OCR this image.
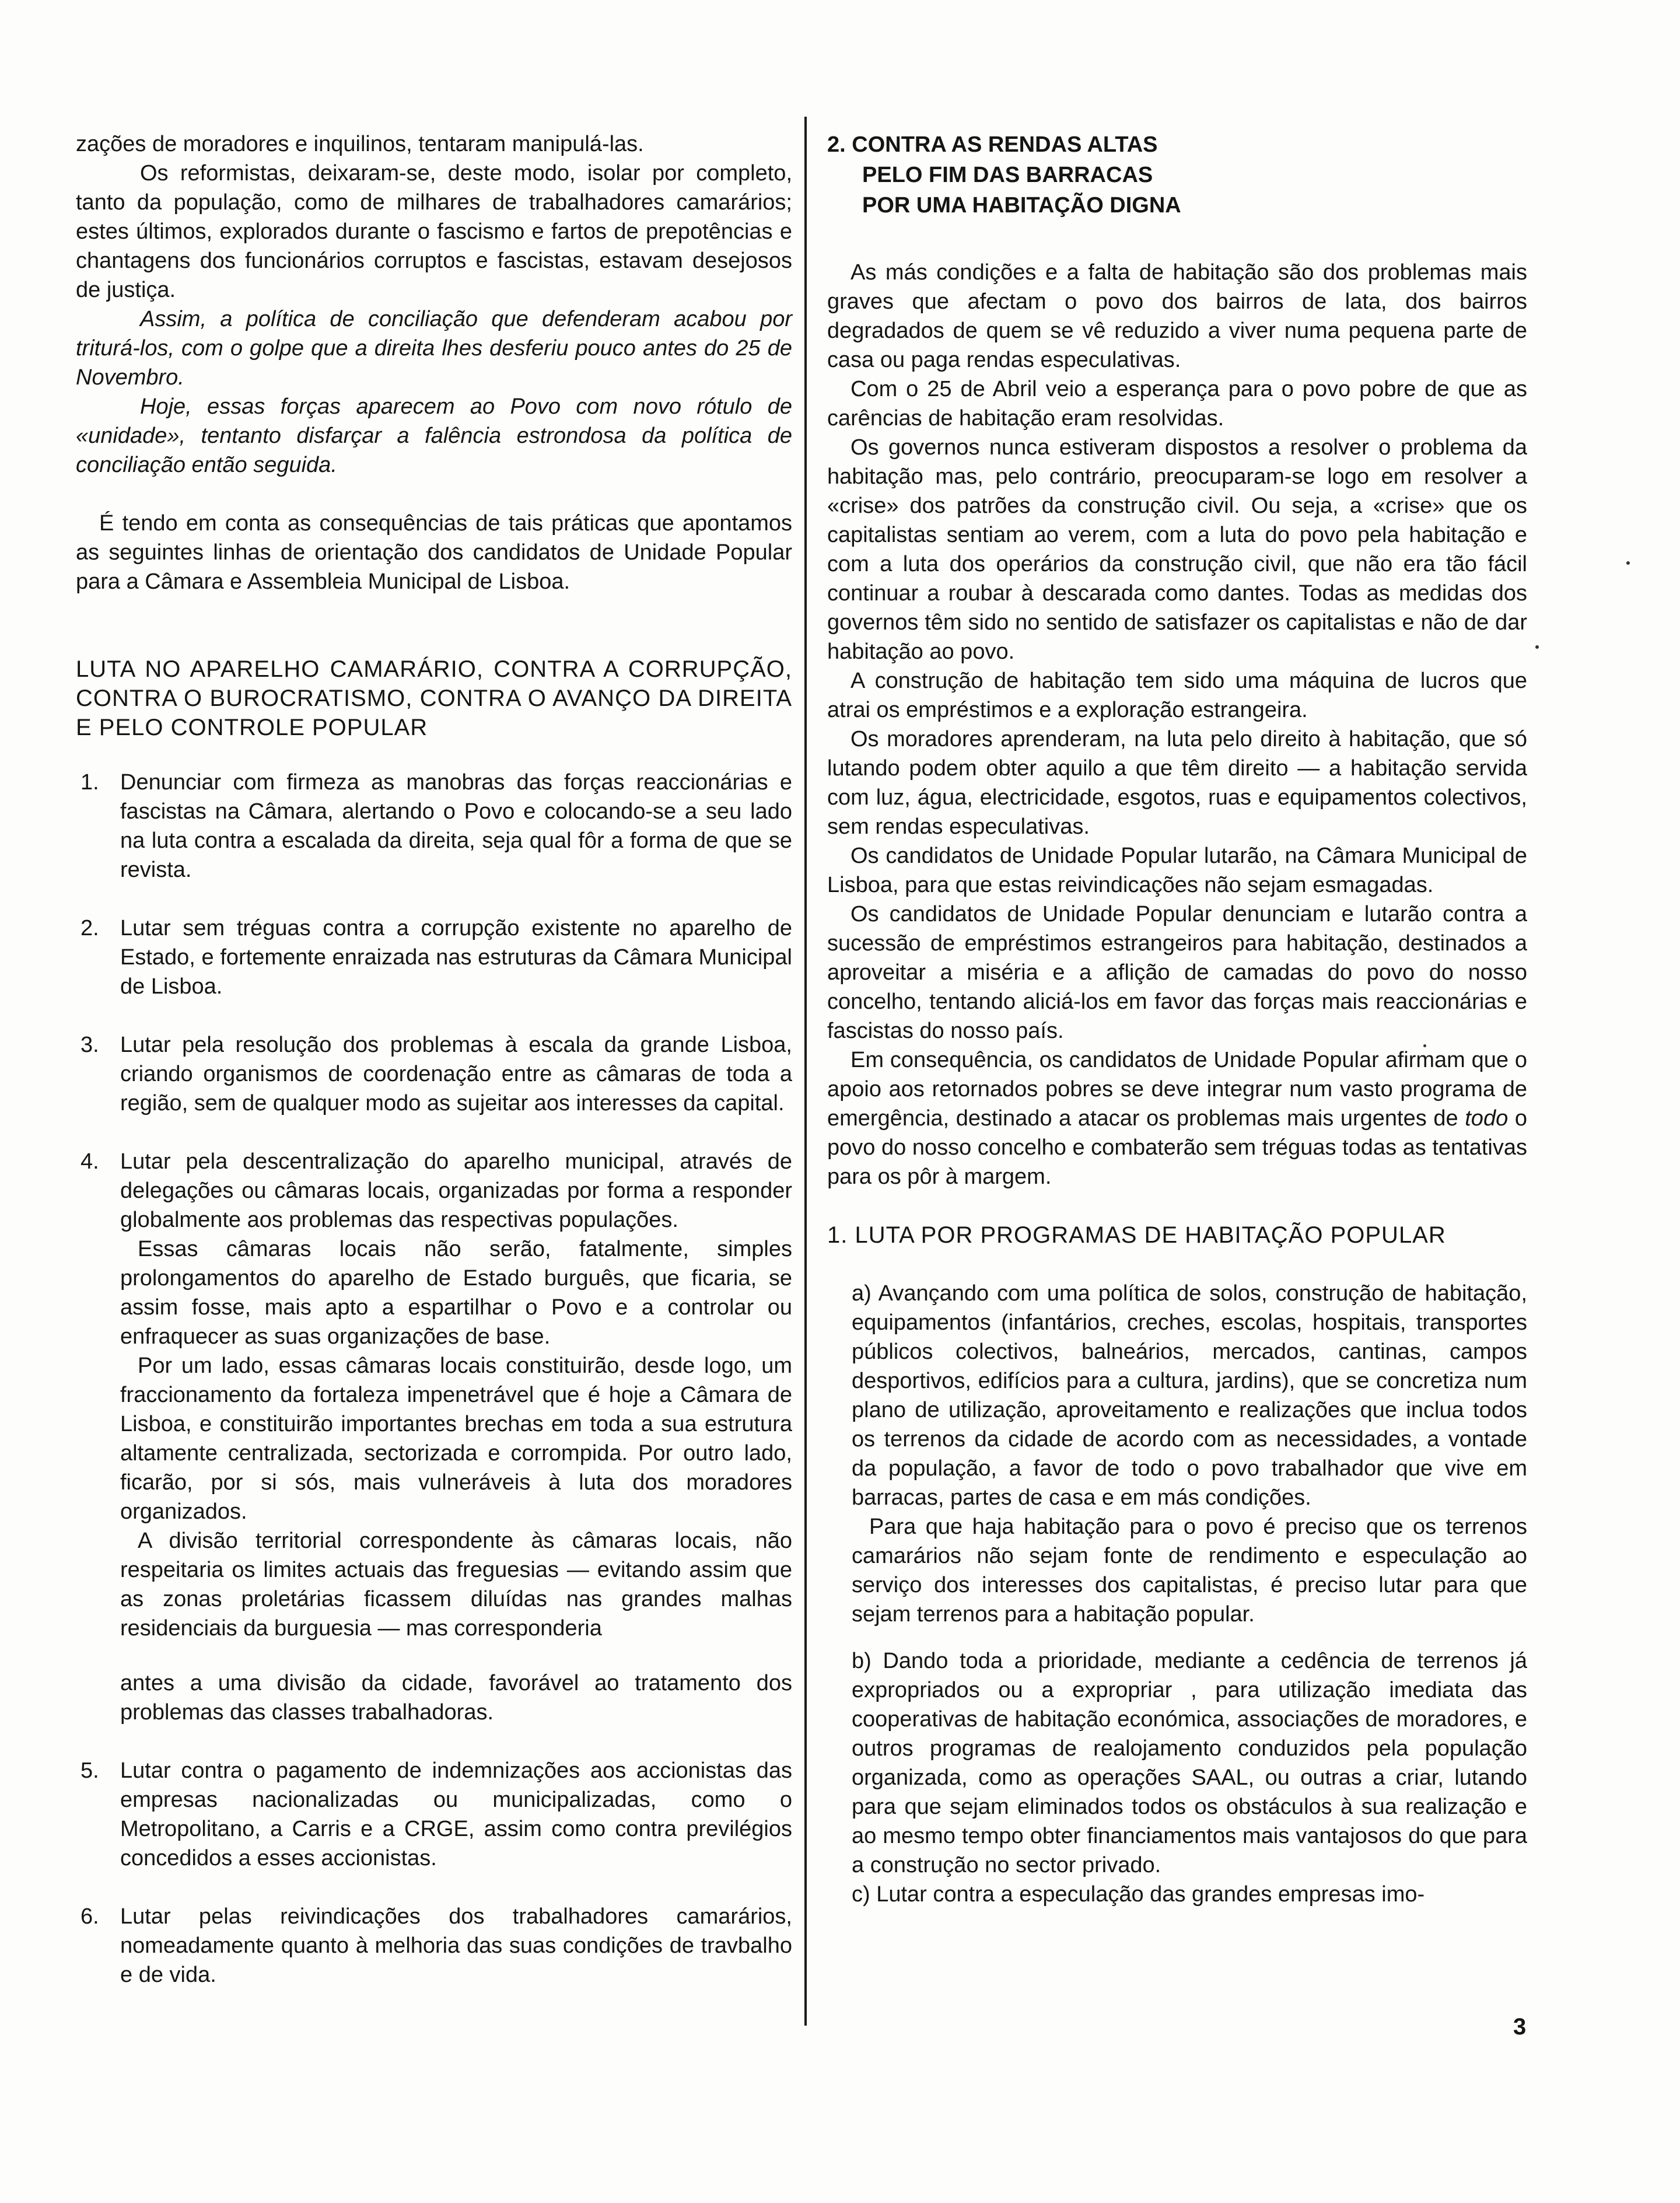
zações de moradores e inquilinos, tentaram manipulá-las.

Os reformistas, deixaram-se, deste modo, isolar por completo, tanto da população, como de milhares de trabalhadores camarários; estes últimos, explorados durante o fascismo e fartos de prepotências e chantagens dos funcionários corruptos e fascistas, estavam desejosos de justiça.

Assim, a política de conciliação que defenderam acabou por triturá-los, com o golpe que a direita lhes desferiu pouco antes do 25 de Novembro.

Hoje, essas forças aparecem ao Povo com novo rótulo de «unidade», tentanto disfarçar a falência estrondosa da política de conciliação então seguida.

É tendo em conta as consequências de tais práticas que apontamos as seguintes linhas de orientação dos candidatos de Unidade Popular para a Câmara e Assembleia Municipal de Lisboa.

LUTA NO APARELHO CAMARÁRIO, CONTRA A CORRUPÇÃO, CONTRA O BUROCRATISMO, CONTRA O AVANÇO DA DIREITA E PELO CONTROLE POPULAR

1. Denunciar com firmeza as manobras das forças reaccionárias e fascistas na Câmara, alertando o Povo e colocando-se a seu lado na luta contra a escalada da direita, seja qual fôr a forma de que se revista.

2. Lutar sem tréguas contra a corrupção existente no aparelho de Estado, e fortemente enraizada nas estruturas da Câmara Municipal de Lisboa.

3. Lutar pela resolução dos problemas à escala da grande Lisboa, criando organismos de coordenação entre as câmaras de toda a região, sem de qualquer modo as sujeitar aos interesses da capital.

4. Lutar pela descentralização do aparelho municipal, através de delegações ou câmaras locais, organizadas por forma a responder globalmente aos problemas das respectivas populações.

Essas câmaras locais não serão, fatalmente, simples prolongamentos do aparelho de Estado burguês, que ficaria, se assim fosse, mais apto a espartilhar o Povo e a controlar ou enfraquecer as suas organizações de base.

Por um lado, essas câmaras locais constituirão, desde logo, um fraccionamento da fortaleza impenetrável que é hoje a Câmara de Lisboa, e constituirão importantes brechas em toda a sua estrutura altamente centralizada, sectorizada e corrompida. Por outro lado, ficarão, por si sós, mais vulneráveis à luta dos moradores organizados.

A divisão territorial correspondente às câmaras locais, não respeitaria os limites actuais das freguesias — evitando assim que as zonas proletárias ficassem diluídas nas grandes malhas residenciais da burguesia — mas corresponderia

antes a uma divisão da cidade, favorável ao tratamento dos problemas das classes trabalhadoras.

5. Lutar contra o pagamento de indemnizações aos accionistas das empresas nacionalizadas ou municipalizadas, como o Metropolitano, a Carris e a CRGE, assim como contra previlégios concedidos a esses accionistas.

6. Lutar pelas reivindicações dos trabalhadores camarários, nomeadamente quanto à melhoria das suas condições de travbalho e de vida.

2. CONTRA AS RENDAS ALTAS
PELO FIM DAS BARRACAS
POR UMA HABITAÇÃO DIGNA

As más condições e a falta de habitação são dos problemas mais graves que afectam o povo dos bairros de lata, dos bairros degradados de quem se vê reduzido a viver numa pequena parte de casa ou paga rendas especulativas.

Com o 25 de Abril veio a esperança para o povo pobre de que as carências de habitação eram resolvidas.

Os governos nunca estiveram dispostos a resolver o problema da habitação mas, pelo contrário, preocuparam-se logo em resolver a «crise» dos patrões da construção civil. Ou seja, a «crise» que os capitalistas sentiam ao verem, com a luta do povo pela habitação e com a luta dos operários da construção civil, que não era tão fácil continuar a roubar à descarada como dantes. Todas as medidas dos governos têm sido no sentido de satisfazer os capitalistas e não de dar habitação ao povo.

A construção de habitação tem sido uma máquina de lucros que atrai os empréstimos e a exploração estrangeira.

Os moradores aprenderam, na luta pelo direito à habitação, que só lutando podem obter aquilo a que têm direito — a habitação servida com luz, água, electricidade, esgotos, ruas e equipamentos colectivos, sem rendas especulativas.

Os candidatos de Unidade Popular lutarão, na Câmara Municipal de Lisboa, para que estas reivindicações não sejam esmagadas.

Os candidatos de Unidade Popular denunciam e lutarão contra a sucessão de empréstimos estrangeiros para habitação, destinados a aproveitar a miséria e a aflição de camadas do povo do nosso concelho, tentando aliciá-los em favor das forças mais reaccionárias e fascistas do nosso país.

Em consequência, os candidatos de Unidade Popular afirmam que o apoio aos retornados pobres se deve integrar num vasto programa de emergência, destinado a atacar os problemas mais urgentes de todo o povo do nosso concelho e combaterão sem tréguas todas as tentativas para os pôr à margem.

1. LUTA POR PROGRAMAS DE HABITAÇÃO POPULAR

a) Avançando com uma política de solos, construção de habitação, equipamentos (infantários, creches, escolas, hospitais, transportes públicos colectivos, balneários, mercados, cantinas, campos desportivos, edifícios para a cultura, jardins), que se concretiza num plano de utilização, aproveitamento e realizações que inclua todos os terrenos da cidade de acordo com as necessidades, a vontade da população, a favor de todo o povo trabalhador que vive em barracas, partes de casa e em más condições.

Para que haja habitação para o povo é preciso que os terrenos camarários não sejam fonte de rendimento e especulação ao serviço dos interesses dos capitalistas, é preciso lutar para que sejam terrenos para a habitação popular.

b) Dando toda a prioridade, mediante a cedência de terrenos já expropriados ou a expropriar , para utilização imediata das cooperativas de habitação económica, associações de moradores, e outros programas de realojamento conduzidos pela população organizada, como as operações SAAL, ou outras a criar, lutando para que sejam eliminados todos os obstáculos à sua realização e ao mesmo tempo obter financiamentos mais vantajosos do que para a construção no sector privado.

c) Lutar contra a especulação das grandes empresas imo-

3
